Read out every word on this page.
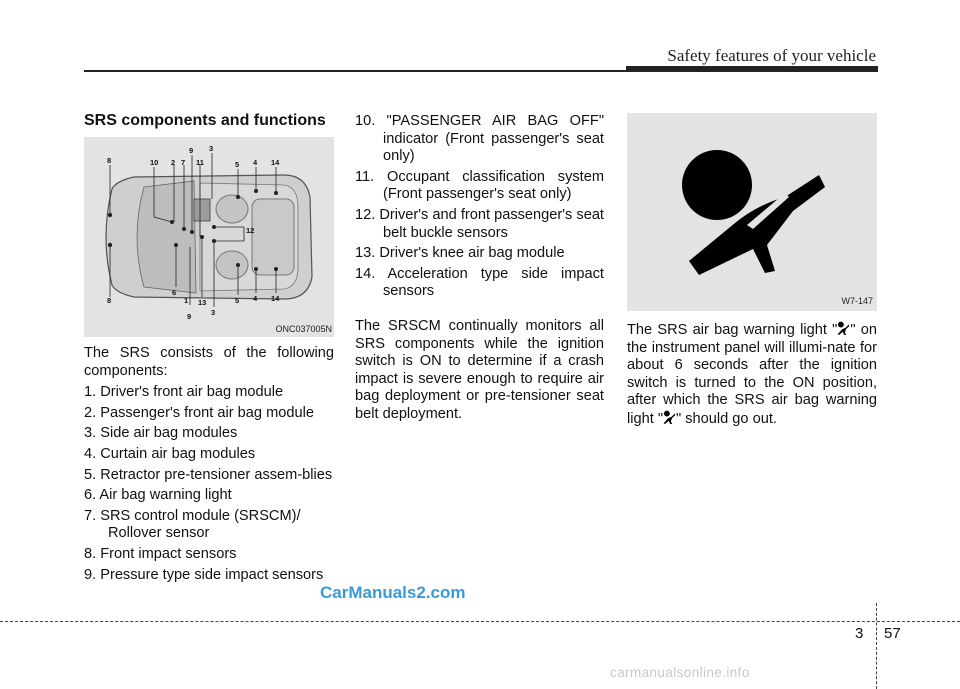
Safety features of your vehicle
SRS components and functions
8	10 2 7
9
11
3
5 4 14
8
6
1
9
13
3
5 4 14
12
ONC037005N

The SRS consists of the following components:

1. Driver's front air bag module

2. Passenger's front air bag module

3. Side air bag modules

4. Curtain air bag modules

5. Retractor pre-tensioner assem-blies

6. Air bag warning light

7. SRS control module (SRSCM)/ Rollover sensor

8. Front impact sensors

9. Pressure type side impact sensors

10. "PASSENGER AIR BAG OFF" indicator (Front passenger's seat only)

11. Occupant classification system (Front passenger's seat only)

12. Driver's and front passenger's seat belt buckle sensors

13. Driver's knee air bag module

14. Acceleration type side impact sensors

The SRSCM continually monitors all SRS components while the ignition switch is ON to determine if a crash impact is severe enough to require air bag deployment or pre-tensioner seat belt deployment.

W7-147
The SRS air bag warning light " " on the instrument panel will illumi-nate for about 6 seconds after the ignition switch is turned to the ON position, after which the SRS air bag warning light " " should go out.
CarManuals2.com
carmanualsonline.info
3 57
